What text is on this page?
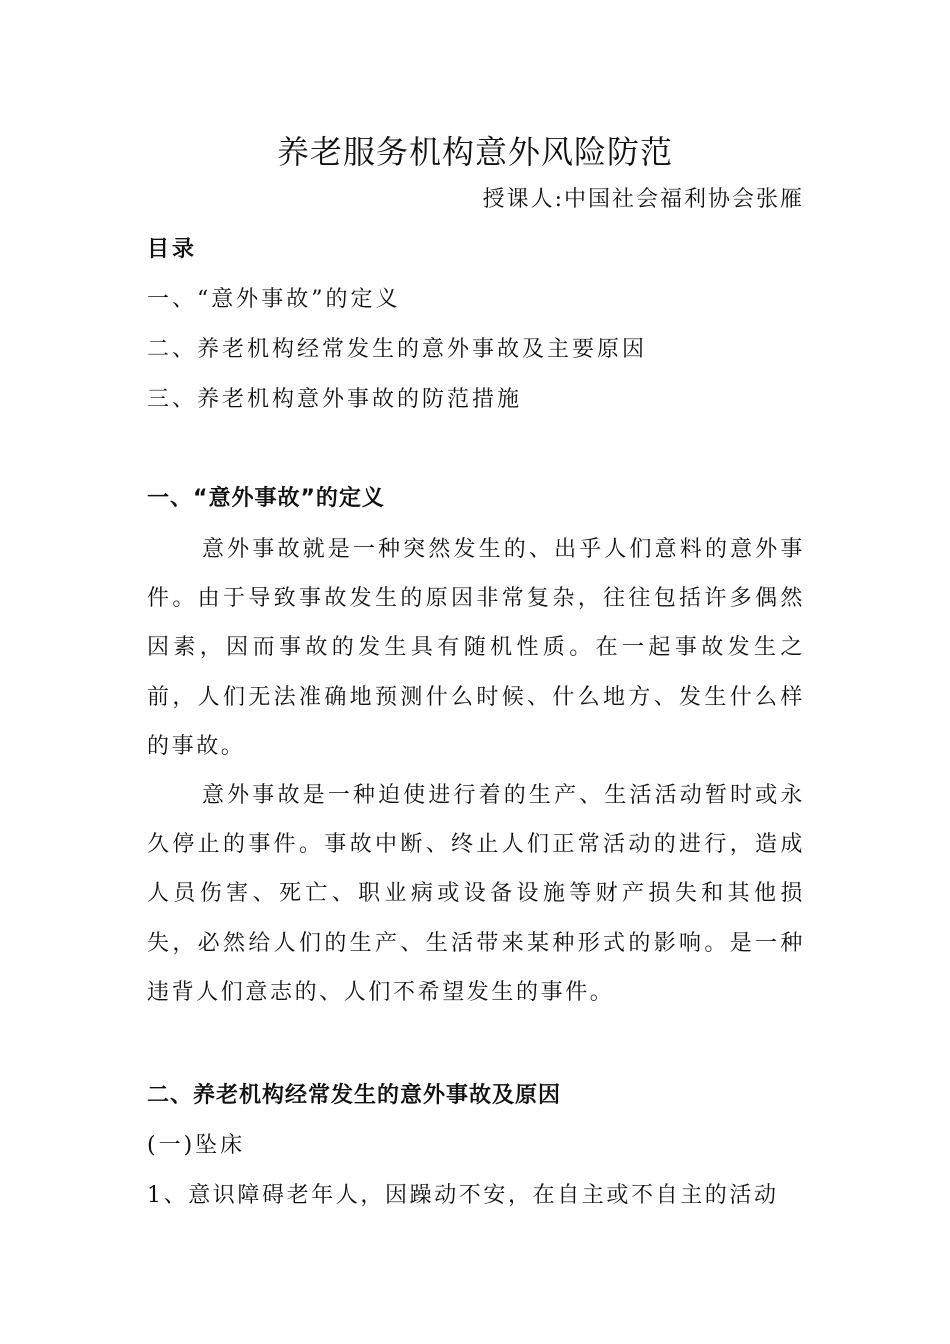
养老服务机构意外风险防范
授课人:中国社会福利协会张雁
目录
一、“意外事故”的定义
二、养老机构经常发生的意外事故及主要原因
三、养老机构意外事故的防范措施
一、“意外事故”的定义
意外事故就是一种突然发生的、出乎人们意料的意外事件。由于导致事故发生的原因非常复杂，往往包括许多偶然因素，因而事故的发生具有随机性质。在一起事故发生之前，人们无法准确地预测什么时候、什么地方、发生什么样的事故。
意外事故是一种迫使进行着的生产、生活活动暂时或永久停止的事件。事故中断、终止人们正常活动的进行，造成人员伤害、死亡、职业病或设备设施等财产损失和其他损失，必然给人们的生产、生活带来某种形式的影响。是一种违背人们意志的、人们不希望发生的事件。
二、养老机构经常发生的意外事故及原因
(一)坠床
1、意识障碍老年人，因躁动不安，在自主或不自主的活动
